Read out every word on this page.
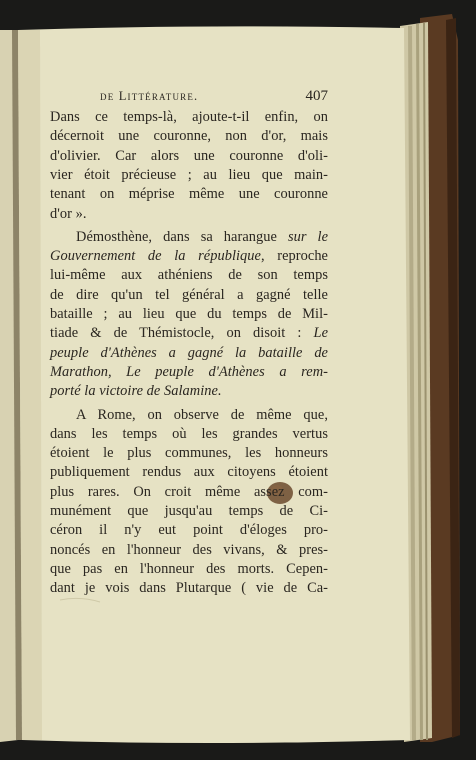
de Littérature.	407
Dans ce temps-là, ajoute-t-il enfin, on
décernoit une couronne, non d'or, mais
d'olivier. Car alors une couronne d'oli-
vier étoit précieuse ; au lieu que main-
tenant on méprise même une couronne
d'or ».
Démosthène, dans sa harangue sur le
Gouvernement de la république, reproche
lui-même aux athéniens de son temps
de dire qu'un tel général a gagné telle
bataille ; au lieu que du temps de Mil-
tiade & de Thémistocle, on disoit : Le
peuple d'Athènes a gagné la bataille de
Marathon, Le peuple d'Athènes a rem-
porté la victoire de Salamine.
A Rome, on observe de même que,
dans les temps où les grandes vertus
étoient le plus communes, les honneurs
publiquement rendus aux citoyens étoient
plus rares. On croit même assez com-
munément que jusqu'au temps de Ci-
céron il n'y eut point d'éloges pro-
noncés en l'honneur des vivans, & pres-
que pas en l'honneur des morts. Cepen-
dant je vois dans Plutarque ( vie de Ca-
